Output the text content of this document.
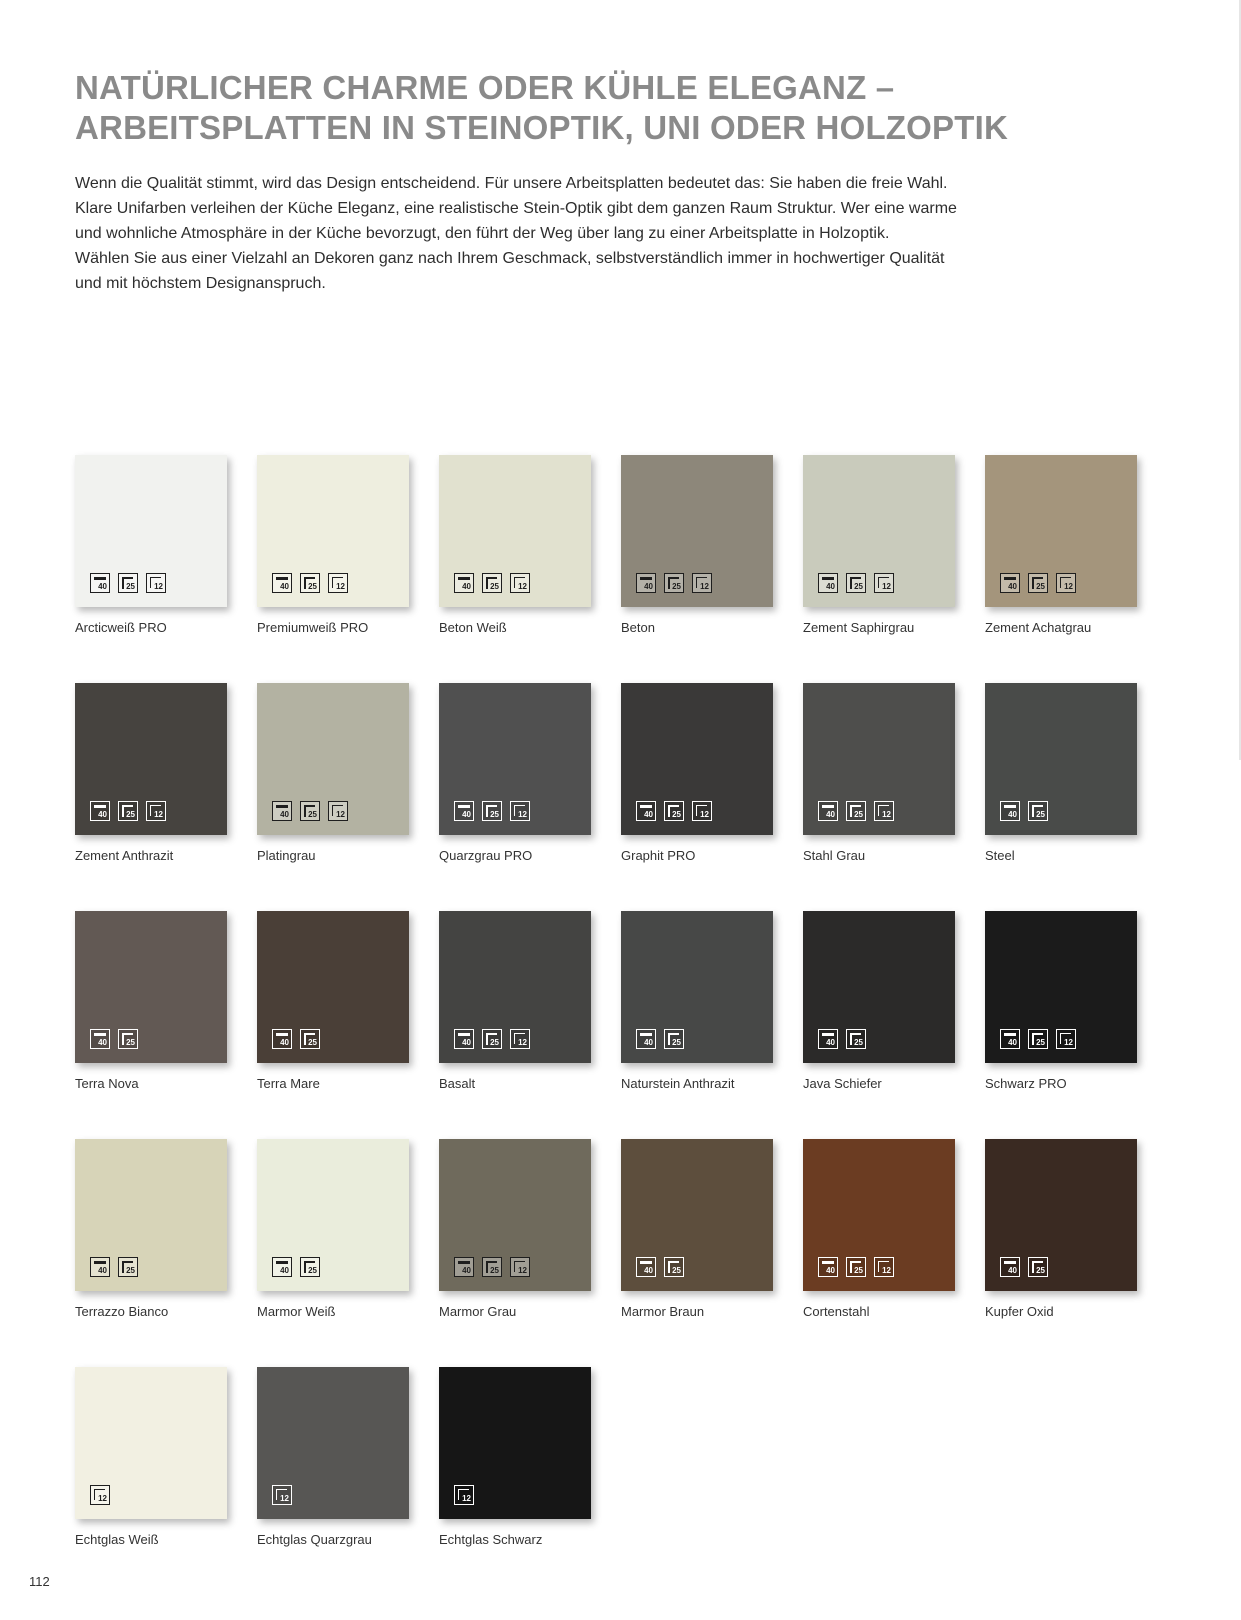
NATÜRLICHER CHARME ODER KÜHLE ELEGANZ –
ARBEITSPLATTEN IN STEINOPTIK, UNI ODER HOLZOPTIK

Wenn die Qualität stimmt, wird das Design entscheidend. Für unsere Arbeitsplatten bedeutet das: Sie haben die freie Wahl.
Klare Unifarben verleihen der Küche Eleganz, eine realistische Stein-Optik gibt dem ganzen Raum Struktur. Wer eine warme
und wohnliche Atmosphäre in der Küche bevorzugt, den führt der Weg über lang zu einer Arbeitsplatte in Holzoptik.
Wählen Sie aus einer Vielzahl an Dekoren ganz nach Ihrem Geschmack, selbstverständlich immer in hochwertiger Qualität
und mit höchstem Designanspruch.

40 25 12
Arcticweiß PRO
40 25 12
Premiumweiß PRO
40 25 12
Beton Weiß
40 25 12
Beton
40 25 12
Zement Saphirgrau
40 25 12
Zement Achatgrau
40 25 12
Zement Anthrazit
40 25 12
Platingrau
40 25 12
Quarzgrau PRO
40 25 12
Graphit PRO
40 25 12
Stahl Grau
40 25
Steel
40 25
Terra Nova
40 25
Terra Mare
40 25 12
Basalt
40 25
Naturstein Anthrazit
40 25
Java Schiefer
40 25 12
Schwarz PRO
40 25
Terrazzo Bianco
40 25
Marmor Weiß
40 25 12
Marmor Grau
40 25
Marmor Braun
40 25 12
Cortenstahl
40 25
Kupfer Oxid
12
Echtglas Weiß
12
Echtglas Quarzgrau
12
Echtglas Schwarz
112
